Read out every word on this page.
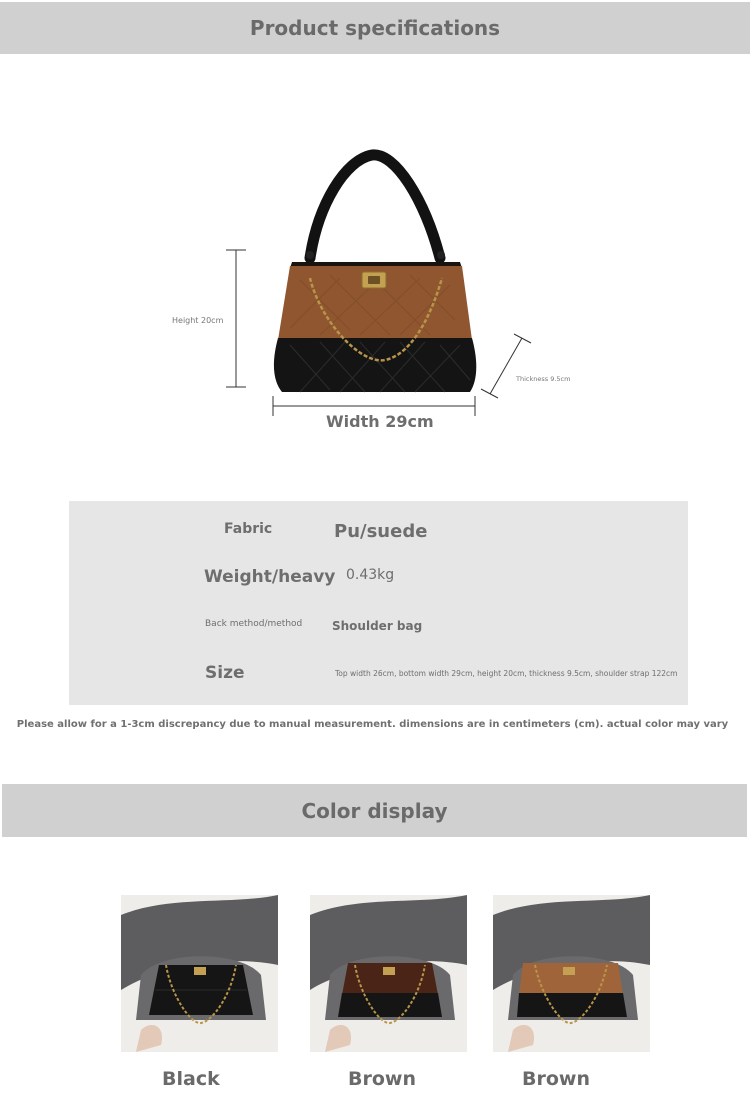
Product specifications
Height 20cm
Thickness 9.5cm
Width 29cm
Fabric	Pu/suede
Weight/heavy 0.43kg
Back method/method Shoulder bag
Size	Top width 26cm, bottom width 29cm, height 20cm, thickness 9.5cm, shoulder strap 122cm
Please allow for a 1-3cm discrepancy due to manual measurement. dimensions are in centimeters (cm). actual color may vary
Color display
Black	Brown	Brown
